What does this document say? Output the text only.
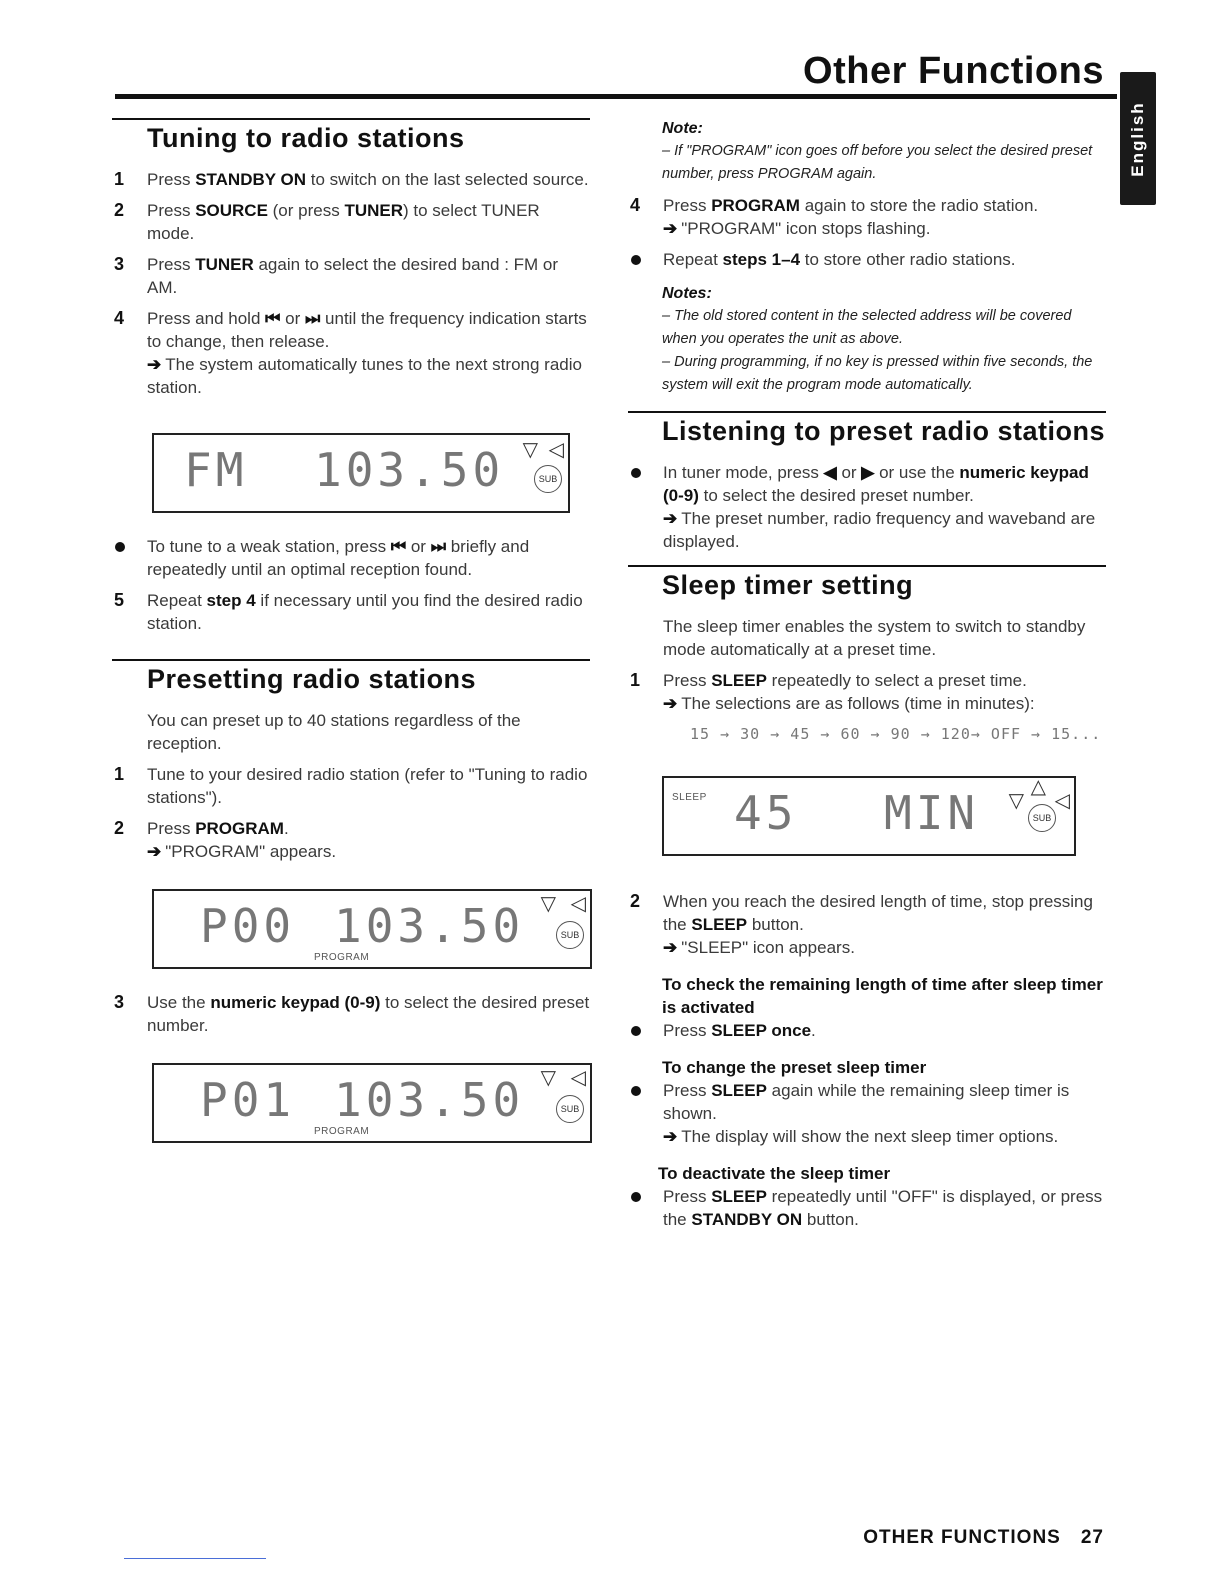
Other Functions
English
Tuning to radio stations
1 Press STANDBY ON to switch on the last selected source.
2 Press SOURCE (or press TUNER) to select TUNER mode.
3 Press TUNER again to select the desired band : FM or AM.
4 Press and hold ⏮ or ⏭ until the frequency indication starts to change, then release.
➔ The system automatically tunes to the next strong radio station.
FM 103.50 ▽ ◁
SUB
To tune to a weak station, press ⏮ or ⏭ briefly and repeatedly until an optimal reception found.
5 Repeat step 4 if necessary until you find the desired radio station.
Presetting radio stations
You can preset up to 40 stations regardless of the reception.
1 Tune to your desired radio station (refer to "Tuning to radio stations").
2 Press PROGRAM.
➔ "PROGRAM" appears.
P00 103.50
PROGRAM
▽ ◁
SUB
3 Use the numeric keypad (0-9) to select the desired preset number.
P01 103.50
PROGRAM
▽ ◁
SUB
Note:
– If "PROGRAM" icon goes off before you select the desired preset number, press PROGRAM again.
4 Press PROGRAM again to store the radio station.
➔ "PROGRAM" icon stops flashing.
Repeat steps 1–4 to store other radio stations.
Notes:
– The old stored content in the selected address will be covered when you operates the unit as above.
– During programming, if no key is pressed within five seconds, the system will exit the program mode automatically.
Listening to preset radio stations
In tuner mode, press ◀ or ▶ or use the numeric keypad (0-9) to select the desired preset number.
➔ The preset number, radio frequency and waveband are displayed.
Sleep timer setting
The sleep timer enables the system to switch to standby mode automatically at a preset time.
1 Press SLEEP repeatedly to select a preset time.
➔ The selections are as follows (time in minutes):
15 → 30 → 45 → 60 → 90 → 120→ OFF → 15...
SLEEP 45 MIN	△
▽ ◁
SUB
2 When you reach the desired length of time, stop pressing the SLEEP button.
➔ "SLEEP" icon appears.
To check the remaining length of time after sleep timer is activated
Press SLEEP once.
To change the preset sleep timer
Press SLEEP again while the remaining sleep timer is shown.
➔ The display will show the next sleep timer options.
To deactivate the sleep timer
Press SLEEP repeatedly until "OFF" is displayed, or press the STANDBY ON button.
OTHER FUNCTIONS 27
